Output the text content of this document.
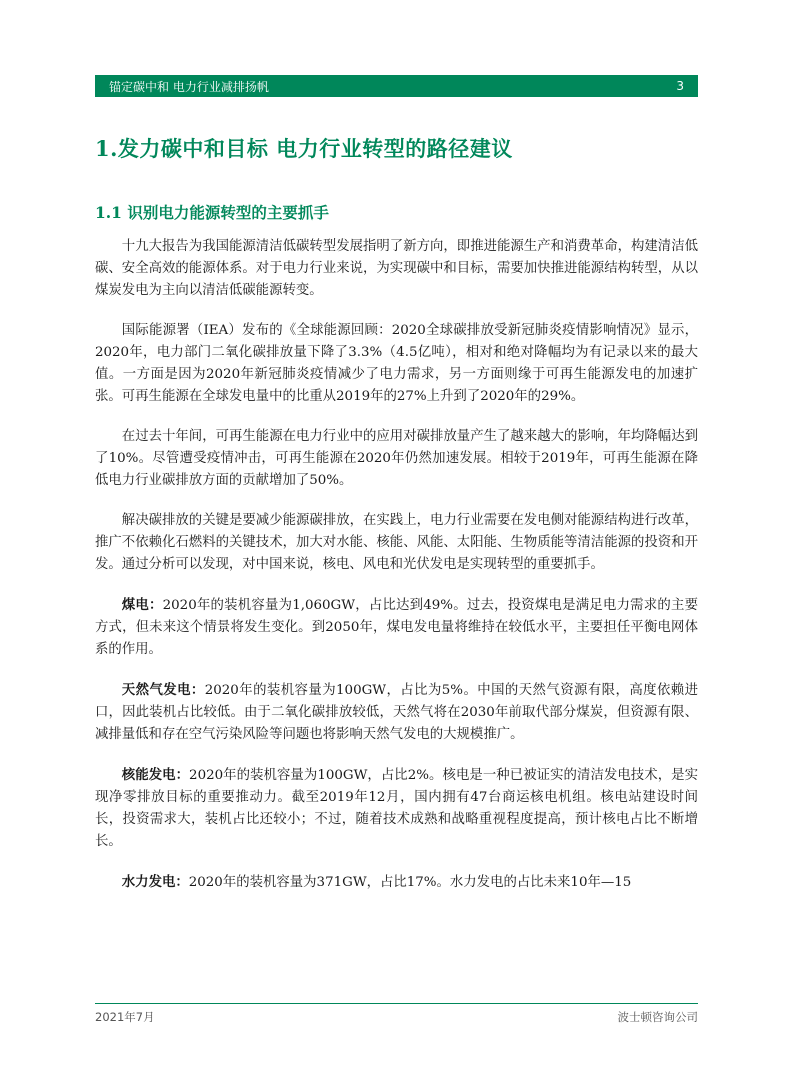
锚定碳中和 电力行业减排扬帆	3
1.发力碳中和目标 电力行业转型的路径建议
1.1 识别电力能源转型的主要抓手

十九大报告为我国能源清洁低碳转型发展指明了新方向，即推进能源生产和消费革命，构建清洁低碳、安全高效的能源体系。对于电力行业来说，为实现碳中和目标，需要加快推进能源结构转型，从以煤炭发电为主向以清洁低碳能源转变。

国际能源署（IEA）发布的《全球能源回顾：2020全球碳排放受新冠肺炎疫情影响情况》显示，2020年，电力部门二氧化碳排放量下降了3.3%（4.5亿吨），相对和绝对降幅均为有记录以来的最大值。一方面是因为2020年新冠肺炎疫情减少了电力需求，另一方面则缘于可再生能源发电的加速扩张。可再生能源在全球发电量中的比重从2019年的27%上升到了2020年的29%。

在过去十年间，可再生能源在电力行业中的应用对碳排放量产生了越来越大的影响，年均降幅达到了10%。尽管遭受疫情冲击，可再生能源在2020年仍然加速发展。相较于2019年，可再生能源在降低电力行业碳排放方面的贡献增加了50%。

解决碳排放的关键是要减少能源碳排放，在实践上，电力行业需要在发电侧对能源结构进行改革，推广不依赖化石燃料的关键技术，加大对水能、核能、风能、太阳能、生物质能等清洁能源的投资和开发。通过分析可以发现，对中国来说，核电、风电和光伏发电是实现转型的重要抓手。

煤电：2020年的装机容量为1,060GW，占比达到49%。过去，投资煤电是满足电力需求的主要方式，但未来这个情景将发生变化。到2050年，煤电发电量将维持在较低水平，主要担任平衡电网体系的作用。

天然气发电：2020年的装机容量为100GW，占比为5%。中国的天然气资源有限，高度依赖进口，因此装机占比较低。由于二氧化碳排放较低，天然气将在2030年前取代部分煤炭，但资源有限、减排量低和存在空气污染风险等问题也将影响天然气发电的大规模推广。

核能发电：2020年的装机容量为100GW，占比2%。核电是一种已被证实的清洁发电技术，是实现净零排放目标的重要推动力。截至2019年12月，国内拥有47台商运核电机组。核电站建设时间长，投资需求大，装机占比还较小；不过，随着技术成熟和战略重视程度提高，预计核电占比不断增长。

水力发电：2020年的装机容量为371GW，占比17%。水力发电的占比未来10年—15

2021年7月	波士顿咨询公司
